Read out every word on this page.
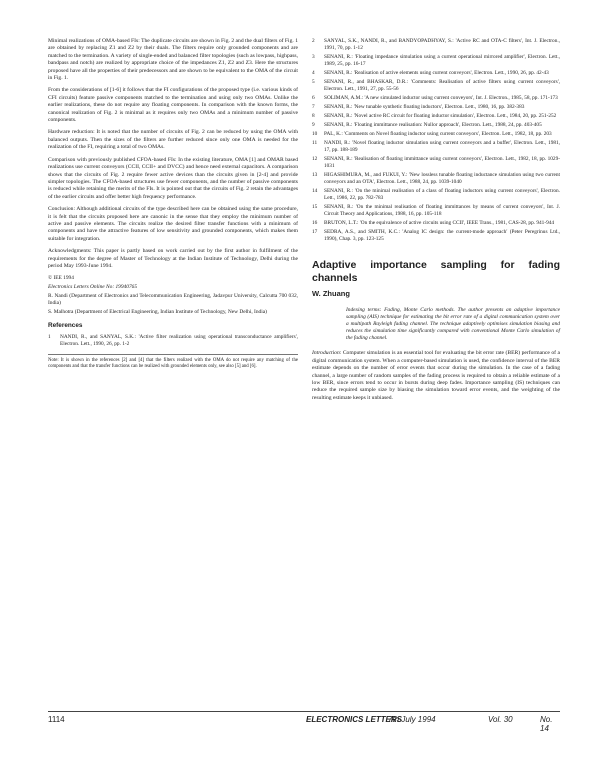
Minimal realizations of OMA-based FIs: The duplicate circuits are shown in Fig. 2 and the dual filters of Fig. 1 are obtained by replacing Z1 and Z2 by their duals. The filters require only grounded components and are matched to the termination. A variety of single-ended and balanced filter topologies (such as lowpass, highpass, bandpass and notch) are realized by appropriate choice of the impedances Z1, Z2 and Z3. Here the structures proposed have all the properties of their predecessors and are shown to be equivalent to the OMA of the circuit in Fig. 1.

From the considerations of [1-6] it follows that the FI configurations of the proposed type (i.e. various kinds of CFI circuits) feature passive components matched to the termination and using only two OMAs. Unlike the earlier realizations, these do not require any floating components. In comparison with the known forms, the canonical realization of Fig. 2 is minimal as it requires only two OMAs and a minimum number of passive components.

Hardware reduction: It is noted that the number of circuits of Fig. 2 can be reduced by using the OMA with balanced outputs. Then the sizes of the filters are further reduced since only one OMA is needed for the realization of the FI, requiring a total of two OMAs.

Comparison with previously published CFOA-based FIs: In the existing literature, OMA [1] and OMAR based realizations use current conveyors (CCII, CCII+ and DVCC) and hence need external capacitors. A comparison shows that the circuits of Fig. 2 require fewer active devices than the circuits given in [2-4] and provide simpler topologies. The CFOA-based structures use fewer components, and the number of passive components is reduced while retaining the merits of the FIs. It is pointed out that the circuits of Fig. 2 retain the advantages of the earlier circuits and offer better high frequency performance.

Conclusion: Although additional circuits of the type described here can be obtained using the same procedure, it is felt that the circuits proposed here are canonic in the sense that they employ the minimum number of active and passive elements. The circuits realize the desired filter transfer functions with a minimum of components and have the attractive features of low sensitivity and grounded components, which makes them suitable for integration.

Acknowledgments: This paper is partly based on work carried out by the first author in fulfilment of the requirements for the degree of Master of Technology at the Indian Institute of Technology, Delhi during the period May 1993-June 1994.

© IEE 1994
Electronics Letters Online No: 19940765
R. Nandi (Department of Electronics and Telecommunication Engineering, Jadavpur University, Calcutta 700 032, India)
S. Malhotra (Department of Electrical Engineering, Indian Institute of Technology, New Delhi, India)
References
1	NANDI, R., and SANYAL, S.K.: 'Active filter realization using operational transconductance amplifiers', Electron. Lett., 1990, 26, pp. 1-2
Note: It is shown in the references [2] and [4] that the filters realized with the OMA do not require any matching of the components and that the transfer functions can be realized with grounded elements only, see also [5] and [6].
2	SANYAL, S.K., NANDI, R., and BANDYOPADHYAY, S.: 'Active RC and OTA-C filters', Int. J. Electron., 1991, 70, pp. 1-12
3	SENANI, R.: 'Floating impedance simulation using a current operational mirrored amplifier', Electron. Lett., 1989, 25, pp. 16-17
4	SENANI, R.: 'Realisation of active elements using current conveyors', Electron. Lett., 1990, 26, pp. 42-43
5	SENANI, R., and BHASKAR, D.R.: 'Comments: Realisation of active filters using current conveyors', Electron. Lett., 1991, 27, pp. 55-56
6	SOLIMAN, A.M.: 'A new simulated inductor using current conveyors', Int. J. Electron., 1985, 58, pp. 171-173
7	SENANI, R.: 'New tunable synthetic floating inductors', Electron. Lett., 1980, 16, pp. 382-383
8	SENANI, R.: 'Novel active RC circuit for floating inductor simulation', Electron. Lett., 1984, 20, pp. 251-252
9	SENANI, R.: 'Floating immittance realisation: Nullor approach', Electron. Lett., 1988, 24, pp. 403-405
10	PAL, K.: 'Comments on Novel floating inductor using current conveyors', Electron. Lett., 1982, 18, pp. 203
11	NANDI, R.: 'Novel floating inductor simulation using current conveyors and a buffer', Electron. Lett., 1981, 17, pp. 188-189
12	SENANI, R.: 'Realisation of floating immittance using current conveyors', Electron. Lett., 1982, 18, pp. 1029-1031
13	HIGASHIMURA, M., and FUKUI, Y.: 'New lossless tunable floating inductance simulation using two current conveyors and an OTA', Electron. Lett., 1988, 24, pp. 1039-1040
14	SENANI, R.: 'On the minimal realisation of a class of floating inductors using current conveyors', Electron. Lett., 1986, 22, pp. 782-783
15	SENANI, R.: 'On the minimal realisation of floating immittances by means of current conveyors', Int. J. Circuit Theory and Applications, 1988, 16, pp. 105-118
16	BRUTON, L.T.: 'On the equivalence of active circuits using CCII', IEEE Trans., 1981, CAS-28, pp. 941-944
17	SEDRA, A.S., and SMITH, K.C.: 'Analog IC design: the current-mode approach' (Peter Peregrinus Ltd., 1990), Chap. 3, pp. 123-125
Adaptive importance sampling for fading channels
W. Zhuang
Indexing terms: Fading, Monte Carlo methods. The author presents an adaptive importance sampling (AIS) technique for estimating the bit error rate of a digital communication system over a multipath Rayleigh fading channel. The technique adaptively optimises simulation biasing and reduces the simulation time significantly compared with conventional Monte Carlo simulation of the fading channel.

Introduction: Computer simulation is an essential tool for evaluating the bit error rate (BER) performance of a digital communication system. When a computer-based simulation is used, the confidence interval of the BER estimate depends on the number of error events that occur during the simulation. In the case of a fading channel, a large number of random samples of the fading process is required to obtain a reliable estimate of a low BER, since errors tend to occur in bursts during deep fades. Importance sampling (IS) techniques can reduce the required sample size by biasing the simulation toward error events, and the weighting of the resulting estimate keeps it unbiased.

1114	ELECTRONICS LETTERS
7th July 1994	Vol. 30	No. 14
